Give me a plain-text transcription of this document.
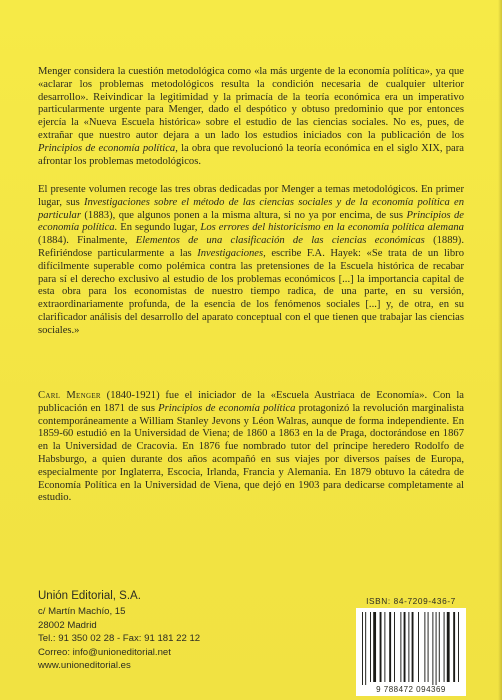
Menger considera la cuestión metodológica como «la más urgente de la economía política», ya que «aclarar los problemas metodológicos resulta la condición necesaria de cualquier ulterior desarrollo». Reivindicar la legitimidad y la primacía de la teoría económica era un imperativo particularmente urgente para Menger, dado el despótico y obtuso predominio que por entonces ejercía la «Nueva Escuela histórica» sobre el estudio de las ciencias sociales. No es, pues, de extrañar que nuestro autor dejara a un lado los estudios iniciados con la publicación de los Principios de economía política, la obra que revolucionó la teoría económica en el siglo XIX, para afrontar los problemas metodológicos.

El presente volumen recoge las tres obras dedicadas por Menger a temas metodológicos. En primer lugar, sus Investigaciones sobre el método de las ciencias sociales y de la economía política en particular (1883), que algunos ponen a la misma altura, si no ya por encima, de sus Principios de economía política. En segundo lugar, Los errores del historicismo en la economía política alemana (1884). Finalmente, Elementos de una clasificación de las ciencias económicas (1889). Refiriéndose particularmente a las Investigaciones, escribe F.A. Hayek: «Se trata de un libro difícilmente superable como polémica contra las pretensiones de la Escuela histórica de recabar para sí el derecho exclusivo al estudio de los problemas económicos [...] la importancia capital de esta obra para los economistas de nuestro tiempo radica, de una parte, en su versión, extraordinariamente profunda, de la esencia de los fenómenos sociales [...] y, de otra, en su clarificador análisis del desarrollo del aparato conceptual con el que tienen que trabajar las ciencias sociales.»

Carl Menger (1840-1921) fue el iniciador de la «Escuela Austriaca de Economía». Con la publicación en 1871 de sus Principios de economía política protagonizó la revolución marginalista contemporáneamente a William Stanley Jevons y Léon Walras, aunque de forma independiente. En 1859-60 estudió en la Universidad de Viena; de 1860 a 1863 en la de Praga, doctorándose en 1867 en la Universidad de Cracovia. En 1876 fue nombrado tutor del príncipe heredero Rodolfo de Habsburgo, a quien durante dos años acompañó en sus viajes por diversos países de Europa, especialmente por Inglaterra, Escocia, Irlanda, Francia y Alemania. En 1879 obtuvo la cátedra de Economía Política en la Universidad de Viena, que dejó en 1903 para dedicarse completamente al estudio.

Unión Editorial, S.A.
c/ Martín Machío, 15
28002 Madrid
Tel.: 91 350 02 28 - Fax: 91 181 22 12
Correo: info@unioneditorial.net
www.unioneditorial.es
ISBN: 84-7209-436-7
9 788472 094369
